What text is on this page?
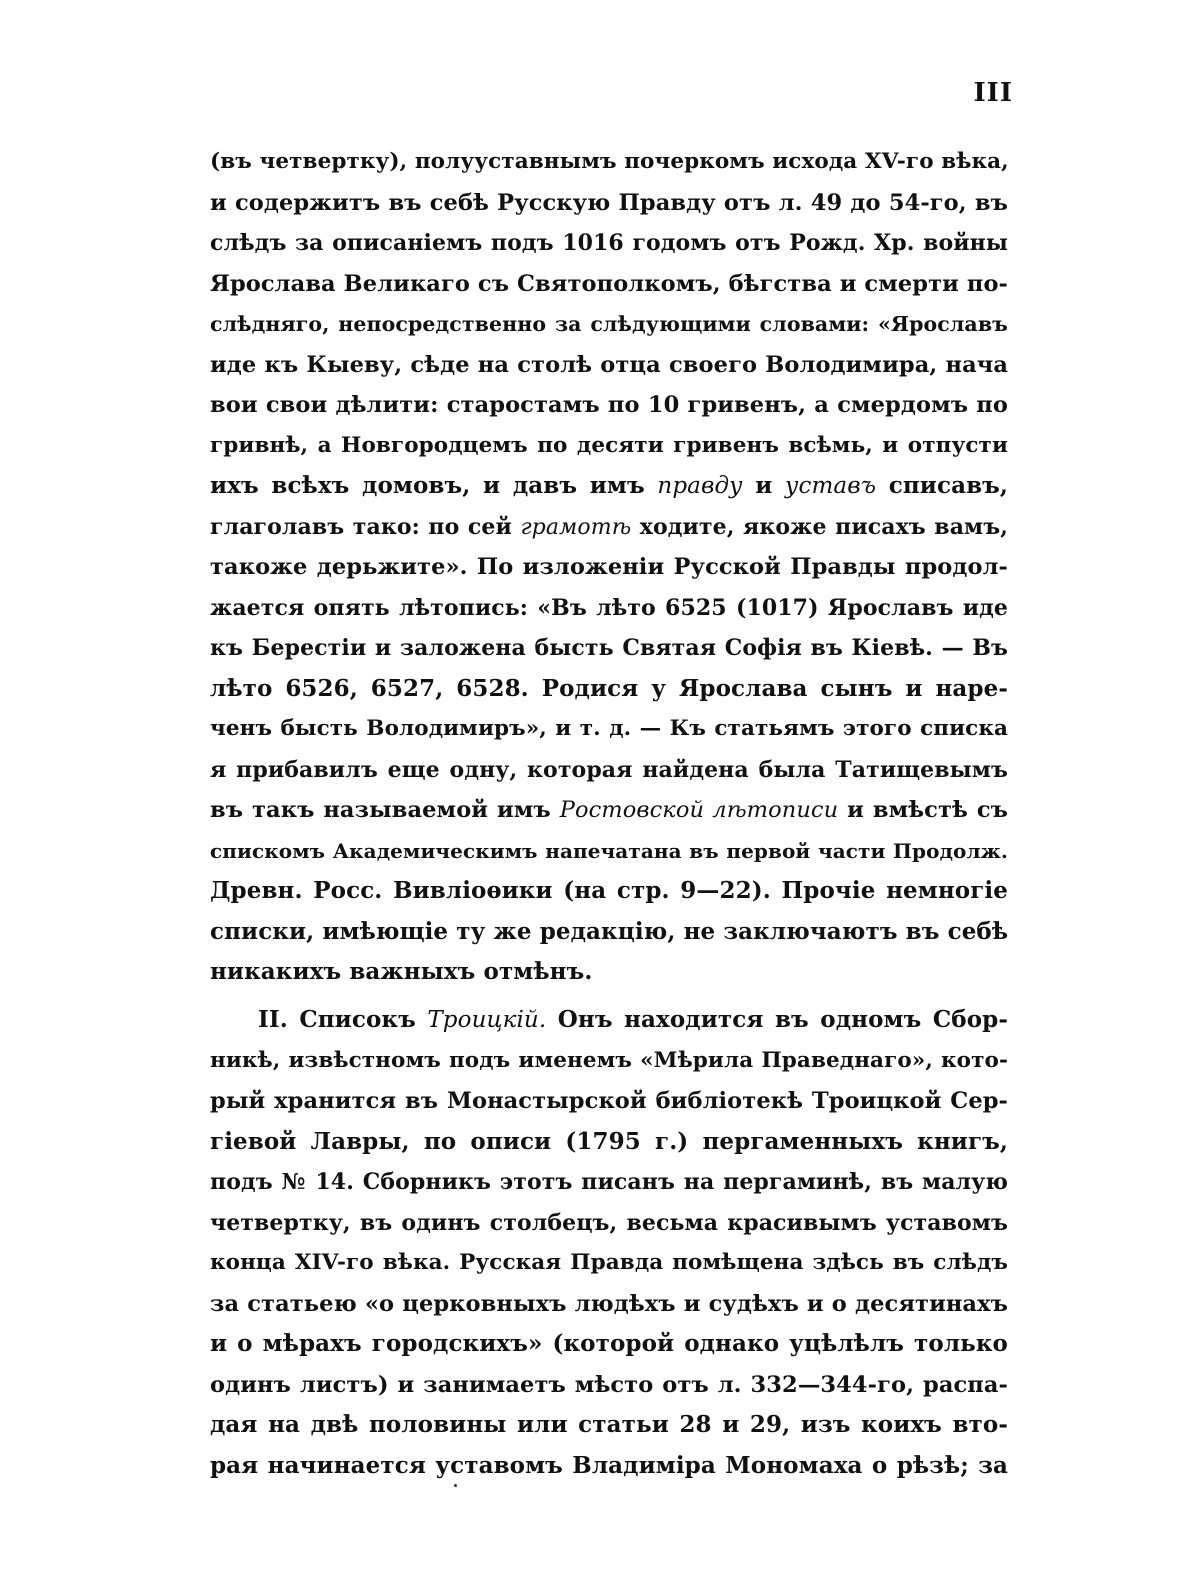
III
(въ четвертку), полууставнымъ почеркомъ исхода XV-го вѣка,
и содержитъ въ себѣ Русскую Правду отъ л. 49 до 54-го, въ
слѣдъ за описаніемъ подъ 1016 годомъ отъ Рожд. Хр. войны
Ярослава Великаго съ Святополкомъ, бѣгства и смерти по-
слѣдняго, непосредственно за слѣдующими словами: «Ярославъ
иде къ Кыеву, сѣде на столѣ отца своего Володимира, нача
вои свои дѣлити: старостамъ по 10 гривенъ, а смердомъ по
гривнѣ, а Новгородцемъ по десяти гривенъ всѣмь, и отпусти
ихъ всѣхъ домовъ, и давъ имъ правду и уставъ списавъ,
глаголавъ тако: по сей грамотѣ ходите, якоже писахъ вамъ,
такоже дерьжите». По изложеніи Русской Правды продол-
жается опять лѣтопись: «Въ лѣто 6525 (1017) Ярославъ иде
къ Берестіи и заложена бысть Святая Софія въ Кіевѣ. — Въ
лѣто 6526, 6527, 6528. Родися у Ярослава сынъ и наре-
ченъ бысть Володимиръ», и т. д. — Къ статьямъ этого списка
я прибавилъ еще одну, которая найдена была Татищевымъ
въ такъ называемой имъ Ростовской лѣтописи и вмѣстѣ съ
спискомъ Академическимъ напечатана въ первой части Продолж.
Древн. Росс. Вивліоѳики (на стр. 9—22). Прочіе немногіе
списки, имѣющіе ту же редакцію, не заключаютъ въ себѣ
никакихъ важныхъ отмѣнъ.
II. Списокъ Троицкій. Онъ находится въ одномъ Сбор-
никѣ, извѣстномъ подъ именемъ «Мѣрила Праведнаго», кото-
рый хранится въ Монастырской библіотекѣ Троицкой Сер-
гіевой Лавры, по описи (1795 г.) пергаменныхъ книгъ,
подъ № 14. Сборникъ этотъ писанъ на пергаминѣ, въ малую
четвертку, въ одинъ столбецъ, весьма красивымъ уставомъ
конца XIV-го вѣка. Русская Правда помѣщена здѣсь въ слѣдъ
за статьею «о церковныхъ людѣхъ и судѣхъ и о десятинахъ
и о мѣрахъ городскихъ» (которой однако уцѣлѣлъ только
одинъ листъ) и занимаетъ мѣсто отъ л. 332—344-го, распа-
дая на двѣ половины или статьи 28 и 29, изъ коихъ вто-
рая начинается уставомъ Владиміра Мономаха о рѣзѣ; за
